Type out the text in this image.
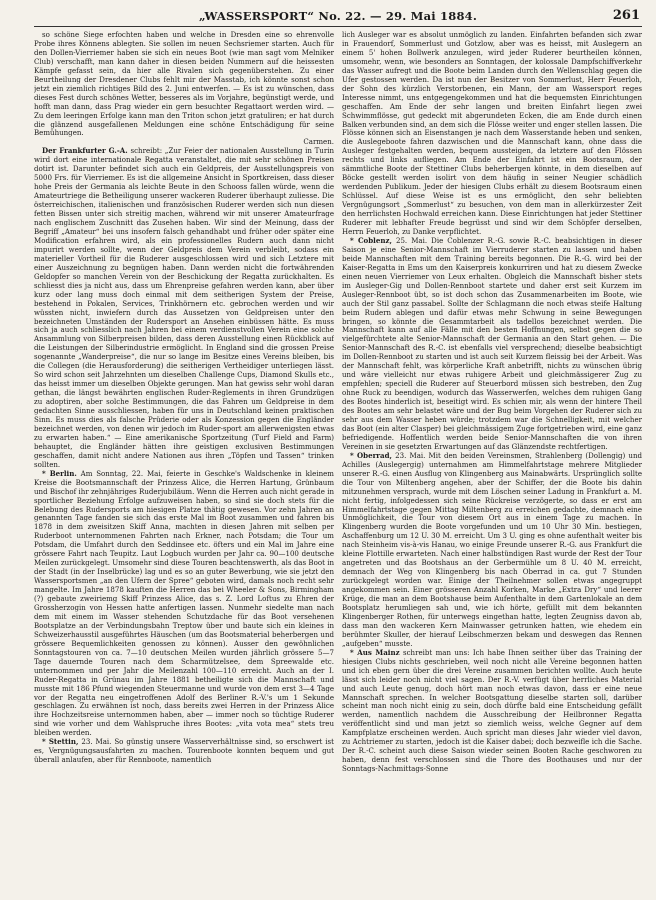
„WASSERSPORT“ No. 22. — 29. Mai 1884.	261

so schöne Siege erfochten haben und welche in Dresden eine so ehrenvolle Probe ihres Könnens ablegten. Sie sollen im neuen Sechsriemer starten. Auch für den Dollen-Vierriemer haben sie sich ein neues Boot (wie man sagt vom Melniker Club) verschafft, man kann daher in diesen beiden Nummern auf die heissesten Kämpfe gefasst sein, da hier alle Rivalen sich gegenüberstehen. Zu einer Beurtheilung der Dresdener Clubs fehlt mir der Masstab, ich könnte sonst schon jetzt ein ziemlich richtiges Bild des 2. Juni entwerfen. — Es ist zu wünschen, dass dieses Fest durch schönes Wetter, besseres als im Vorjahre, begünstigt werde, und hofft man dann, dass Prag wieder ein gern besuchter Regattaort werden wird. — Zu dem leeringen Erfolge kann man den Triton schon jetzt gratuliren; er hat durch die glänzend ausgefallenen Meldungen eine schöne Entschädigung für seine Bemühungen.
Carmen.

Der Frankfurter G.-A. schreibt: „Zur Feier der nationalen Ausstellung in Turin wird dort eine internationale Regatta veranstaltet, die mit sehr schönen Preisen dotirt ist. Darunter befindet sich auch ein Geldpreis, der Ausstellungspreis von 5000 Frs. für Vierriemer. Es ist die allgemeine Ansicht in Sportkreisen, dass dieser hohe Preis der Germania als leichte Beute in den Schooss fallen würde, wenn die Amateurtriege die Betheiligung unserer wackeren Ruderer überhaupt zuliesse. Die österreichischen, italienischen und französischen Ruderer werden sich nun diesen fetten Bissen unter sich streitig machen, während wir mit unserer Amateurfrage nach englischem Zuschnitt das Zusehen haben. Wir sind der Meinung, dass der Begriff „Amateur“ bei uns insofern falsch gehandhabt und früher oder später eine Modification erfahren wird, als ein professionelles Rudern auch dann nicht impurirt werden sollte, wenn der Geldpreis dem Verein verbleibt, sodass ein materieller Vortheil für die Ruderer ausgeschlossen wird und sich Letztere mit einer Auszeichnung zu begnügen haben. Dann werden nicht die fortwährenden Geldopfer so manchen Verein von der Beschickung der Regatta zurückhalten. Es schliesst dies ja nicht aus, dass um Ehrenpreise gefahren werden kann, aber über kurz oder lang muss doch einmal mit dem seitherigen System der Preise, bestehend in Pokalen, Services, Trinkhörnern etc. gebrochen werden und wir wüssten nicht, inwiefern durch das Aussetzen von Geldpreisen unter den bezeichneten Umständen der Rudersport an Ansehen einbüssen hätte. Es muss sich ja auch schliesslich nach Jahren bei einem verdienstvollen Verein eine solche Ansammlung von Silberpreisen bilden, dass deren Ausstellung einen Rückblick auf die Leistungen der Silberindustrie ermöglicht. In England sind die grossen Preise sogenannte „Wanderpreise“, die nur so lange im Besitze eines Vereins bleiben, bis die Collegen (die Herausforderung) die seitherigen Vertheidiger unterliegen lässt. So wird schon seit Jahrzehnten um dieselben Challenge Cups, Diamond Skulls etc., das heisst immer um dieselben Objekte gerungen. Man hat gewiss sehr wohl daran gethan, die längst bewährten englischen Ruder-Reglements in ihren Grundzügen zu adoptiren, aber solche Bestimmungen, die das Fahren um Geldpreise in dem gedachten Sinne ausschliessen, haben für uns in Deutschland keinen praktischen Sinn. Es muss dies als falsche Prüderie oder als Konzession gegen die Engländer bezeichnet werden, von denen wir jedoch im Ruder-sport am allerwenigsten etwas zu erwarten haben.“ — Eine amerikanische Sportzeitung (Turf Field and Farm) behauptet, die Engländer hätten ihre geistigen exclusiven Bestimmungen geschaffen, damit nicht andere Nationen aus ihren „Töpfen und Tassen“ trinken sollten.

* Berlin. Am Sonntag, 22. Mai, feierte in Geschke's Waldschenke in kleinem Kreise die Bootsmannschaft der Prinzess Alice, die Herren Hartung, Grünbaum und Bischof ihr zehnjähriges Ruderjubiläum. Wenn die Herren auch nicht gerade in sportlicher Beziehung Erfolge aufzuweisen haben, so sind sie doch stets für die Belebung des Rudersports am hiesigen Platze thätig gewesen. Vor zehn Jahren an genannten Tage fanden sie sich das erste Mal im Boot zusammen und fahren bis 1878 in dem zweisitzen Skiff Anna, machten in diesen Jahren mit selben per Ruderboot unternommenen Fahrten nach Erkner, nach Potsdam; die Tour um Potsdam, die Umfahrt durch den Seddinsee etc. öfters und ein Mal im Jahre eine grössere Fahrt nach Teupitz. Laut Logbuch wurden per Jahr ca. 90—100 deutsche Meilen zurückgelegt. Umsomehr sind diese Touren beachtenswerth, als das Boot in der Stadt (in der Inselbrücke) lag und es so an guter Bewerbung, wie sie jetzt den Wassersportsmen „an den Ufern der Spree“ geboten wird, damals noch recht sehr mangelte. Im Jahre 1878 kauften die Herren das bei Wheeler & Sons, Birmingham (?) gebaute zweiriemg Skiff Prinzess Alice, das s. Z. Lord Loftus zu Ehren der Grossherzogin von Hessen hatte anfertigen lassen. Nunmehr siedelte man nach dem mit einem im Wasser stehenden Schutzdache für das Boot versehenen Bootsplatze an der Verbindungsbahn Treptow über und baute sich ein kleines in Schweizerhausstil ausgeführtes Häuschen (um das Bootsmaterial beherbergen und grössere Bequemlichkeiten genossen zu können). Ausser den gewöhnlichen Sonntagstouren von ca. 7—10 deutschen Meilen wurden jährlich grössere 5—7 Tage dauernde Touren nach dem Scharmützelsee, dem Spreewalde etc. unternommen und per Jahr die Meilenzahl 100—110 erreicht. Auch an der I. Ruder-Regatta in Grünau im Jahre 1881 betheiligte sich die Mannschaft und musste mit 186 Pfund wiegenden Steuermanne und wurde von dem erst 3—4 Tage vor der Regatta neu eingetroffenen Adolf des Berliner R.-V.'s um 1 Sekunde geschlagen. Zu erwähnen ist noch, dass bereits zwei Herren in der Prinzess Alice ihre Hochzeitsreise unternommen haben, aber — immer noch so tüchtige Ruderer sind wie vorher und dem Wahlspruche ihres Bootes: „vita vota mea“ stets treu bleiben werden.

* Stettin, 23. Mai. So günstig unsere Wasserverhältnisse sind, so erschwert ist es, Vergnügungsausfahrten zu machen. Tourenboote konnten bequem und gut überall anlaufen, aber für Rennboote, namentlich

lich Ausleger war es absolut unmöglich zu landen. Einfahrten befanden sich zwar in Frauendorf, Sommerlust und Gotzlow, aber was es heisst, mit Auslegern an einem 5' hohen Bollwerk anzulegen, wird jeder Ruderer beurtheilen können, umsomehr, wenn, wie besonders an Sonntagen, der kolossale Dampfschiffverkehr das Wasser aufregt und die Boote beim Landen durch den Wellenschlag gegen die Ufer gestossen werden. Da ist nun der Besitzer von Sommerlust, Herr Feuerloh, der Sohn des kürzlich Verstorbenen, ein Mann, der am Wassersport reges Interesse nimmt, uns entgegengekommen und hat die bequemsten Einrichtungen geschaffen. Am Ende der sehr langen und breiten Einfahrt liegen zwei Schwimmflösse, gut gedeckt mit abgerundeten Ecken, die am Ende durch einen Balken verbunden sind, an dem sich die Flösse weiter und enger stellen lassen. Die Flösse können sich an Eisenstangen je nach dem Wasserstande heben und senken, die Auslegeboote fahren dazwischen und die Mannschaft kann, ohne dass die Ausleger festgehalten werden, bequem aussteigen, da letztere auf den Flössen rechts und links aufliegen. Am Ende der Einfahrt ist ein Bootsraum, der sämmtliche Boote der Stettiner Clubs beherbergen könnte, in dem dieselben auf Böcke gestellt werden isolirt von dem häufig in seiner Neugier schädlich werdenden Publikum. Jeder der hiesigen Clubs erhält zu diesem Bootsraum einen Schlüssel. Auf diese Weise ist es uns ermöglicht, den sehr beliebten Vergnügungsort „Sommerlust“ zu besuchen, von dem man in allerkürzester Zeit den herrlichsten Hochwald erreichen kann. Diese Einrichtungen hat jeder Stettiner Ruderer mit lebhafter Freude begrüsst und sind wir dem Schöpfer derselben, Herrn Feuerloh, zu Danke verpflichtet.

* Coblenz, 25. Mai. Die Coblenzer R.-G. sowie R.-C. beabsichtigen in dieser Saison je eine Senior-Mannschaft im Vierruderer starten zu lassen und haben beide Mannschaften mit dem Training bereits begonnen. Die R.-G. wird bei der Kaiser-Regatta in Ems um den Kaiserpreis konkurriren und hat zu diesem Zwecke einen neuen Vierriemer von Leux erhalten. Obgleich die Mannschaft bisher stets im Ausleger-Gig und Dollen-Rennboot startete und daher erst seit Kurzem im Ausleger-Rennboot übt, so ist doch schon das Zusammenarbeiten im Boote, wie auch der Stil ganz passabel. Sollte der Schlagmann die noch etwas steife Haltung beim Rudern ablegen und dafür etwas mehr Schwung in seine Bewegungen bringen, so könnte die Gesammtarbeit als tadellos bezeichnet werden. Die Mannschaft kann auf alle Fälle mit den besten Hoffnungen, selbst gegen die so vielgefürchtete alte Senior-Mannschaft der Germania an den Start gehen. — Die Senior-Mannschaft des R.-C. ist ebenfalls viel versprechend; dieselbe beabsichtigt im Dollen-Rennboot zu starten und ist auch seit Kurzem fleissig bei der Arbeit. Was der Mannschaft fehlt, was körperliche Kraft anbetrifft, nichts zu wünschen übrig und wäre vielleicht nur etwas ruhigere Arbeit und gleichmässigerer Zug zu empfehlen; speciell die Ruderer auf Steuerbord müssen sich bestreben, den Zug ohne Ruck zu beendigen, wodurch das Wasserwerfen, welches dem ruhigen Gang des Bootes hinderlich ist, beseitigt wird. Es schien mir, als wenn der hintere Theil des Bootes am sehr belastet wäre und der Bug beim Vorgehen der Ruderer sich zu sehr aus dem Wasser heben würde; trotzdem war die Schnelligkeit, mit welcher das Boot (ein alter Clasper) bei gleichmässigem Zuge fortgetrieben wird, eine ganz befriedigende. Hoffentlich werden beide Senior-Mannschaften die von ihren Vereinen in sie gesetzten Erwartungen auf das Glänzendste rechtfertigen.

* Oberrad, 23. Mai. Mit den beiden Vereinsmen, Strahlenberg (Dollengig) und Achilles (Auslegergig) unternahmen am Himmelfahrtstage mehrere Mitglieder unserer R.-G. einen Ausflug von Klingenberg aus Mainabwärts. Ursprünglich sollte die Tour von Miltenberg angehen, aber der Schiffer, der die Boote bis dahin mitzunehmen versprach, wurde mit dem Löschen seiner Ladung in Frankfurt a. M. nicht fertig, infolgedessen sich seine Rückreise verzögerte, so dass er erst am Himmelfahrtstage gegen Mittag Miltenberg zu erreichen gedachte, demnach eine Unmöglichkeit, die Tour von diesem Ort aus in einem Tage zu machen. In Klingenberg wurden die Boote vorgefunden und um 10 Uhr 30 Min. bestiegen, Aschaffenburg um 12 U. 30 M. erreicht. Um 3 U. ging es ohne aufenthalt weiter bis nach Steinheim vis-à-vis Hanau, wo einige Freunde unserer R.-G. aus Frankfurt die kleine Flottille erwarteten. Nach einer halbstündigen Rast wurde der Rest der Tour angetreten und das Bootshaus an der Gerbermühle um 8 U. 40 M. erreicht, demnach der Weg von Klingenberg bis nach Oberrad in ca. gut 7 Stunden zurückgelegt worden war. Einige der Theilnehmer sollen etwas angegruppt angekommen sein. Einer grösseren Anzahl Korken, Marke „Extra Dry“ und leerer Krüge, die man an dem Bootshause beim Aufenthalte in dem Gartenlokale an dem Bootsplatz herumliegen sah und, wie ich hörte, gefüllt mit dem bekannten Klingenberger Rothen, für unterwegs eingethan hatte, legten Zeugniss davon ab, dass man den wackeren Kern Mainwasser getrunken hatten, wie ehedem ein berühmter Skuller, der hierauf Leibschmerzen bekam und deswegen das Rennen „aufgeben“ musste.

* Aus Mainz schreibt man uns: Ich habe Ihnen seither über das Training der hiesigen Clubs nichts geschrieben, weil noch nicht alle Vereine begonnen hatten und ich eben gern über die drei Vereine zusammen berichten wollte. Auch heute lässt sich leider noch nicht viel sagen. Der R.-V. verfügt über herrliches Material und auch Leute genug, doch hört man noch etwas davon, dass er eine neue Mannschaft sprechen. In welcher Bootsgattung dieselbe starten soll, darüber scheint man noch nicht einig zu sein, doch dürfte bald eine Entscheidung gefällt werden, namentlich nachdem die Ausschreibung der Heilbronner Regatta veröffentlicht sind und man jetzt so ziemlich weiss, welche Gegner auf dem Kampfplatze erscheinen werden. Auch spricht man dieses Jahr wieder viel davon, zu Achtriemer zu starten, jedoch ist die Kaiser dabei; doch bezweifle ich die Sache. Der R.-C. scheint auch diese Saison wieder seinen Booten Rache geschworen zu haben, denn fest verschlossen sind die Thore des Boothauses und nur der Sonntags-Nachmittags-Sonne
